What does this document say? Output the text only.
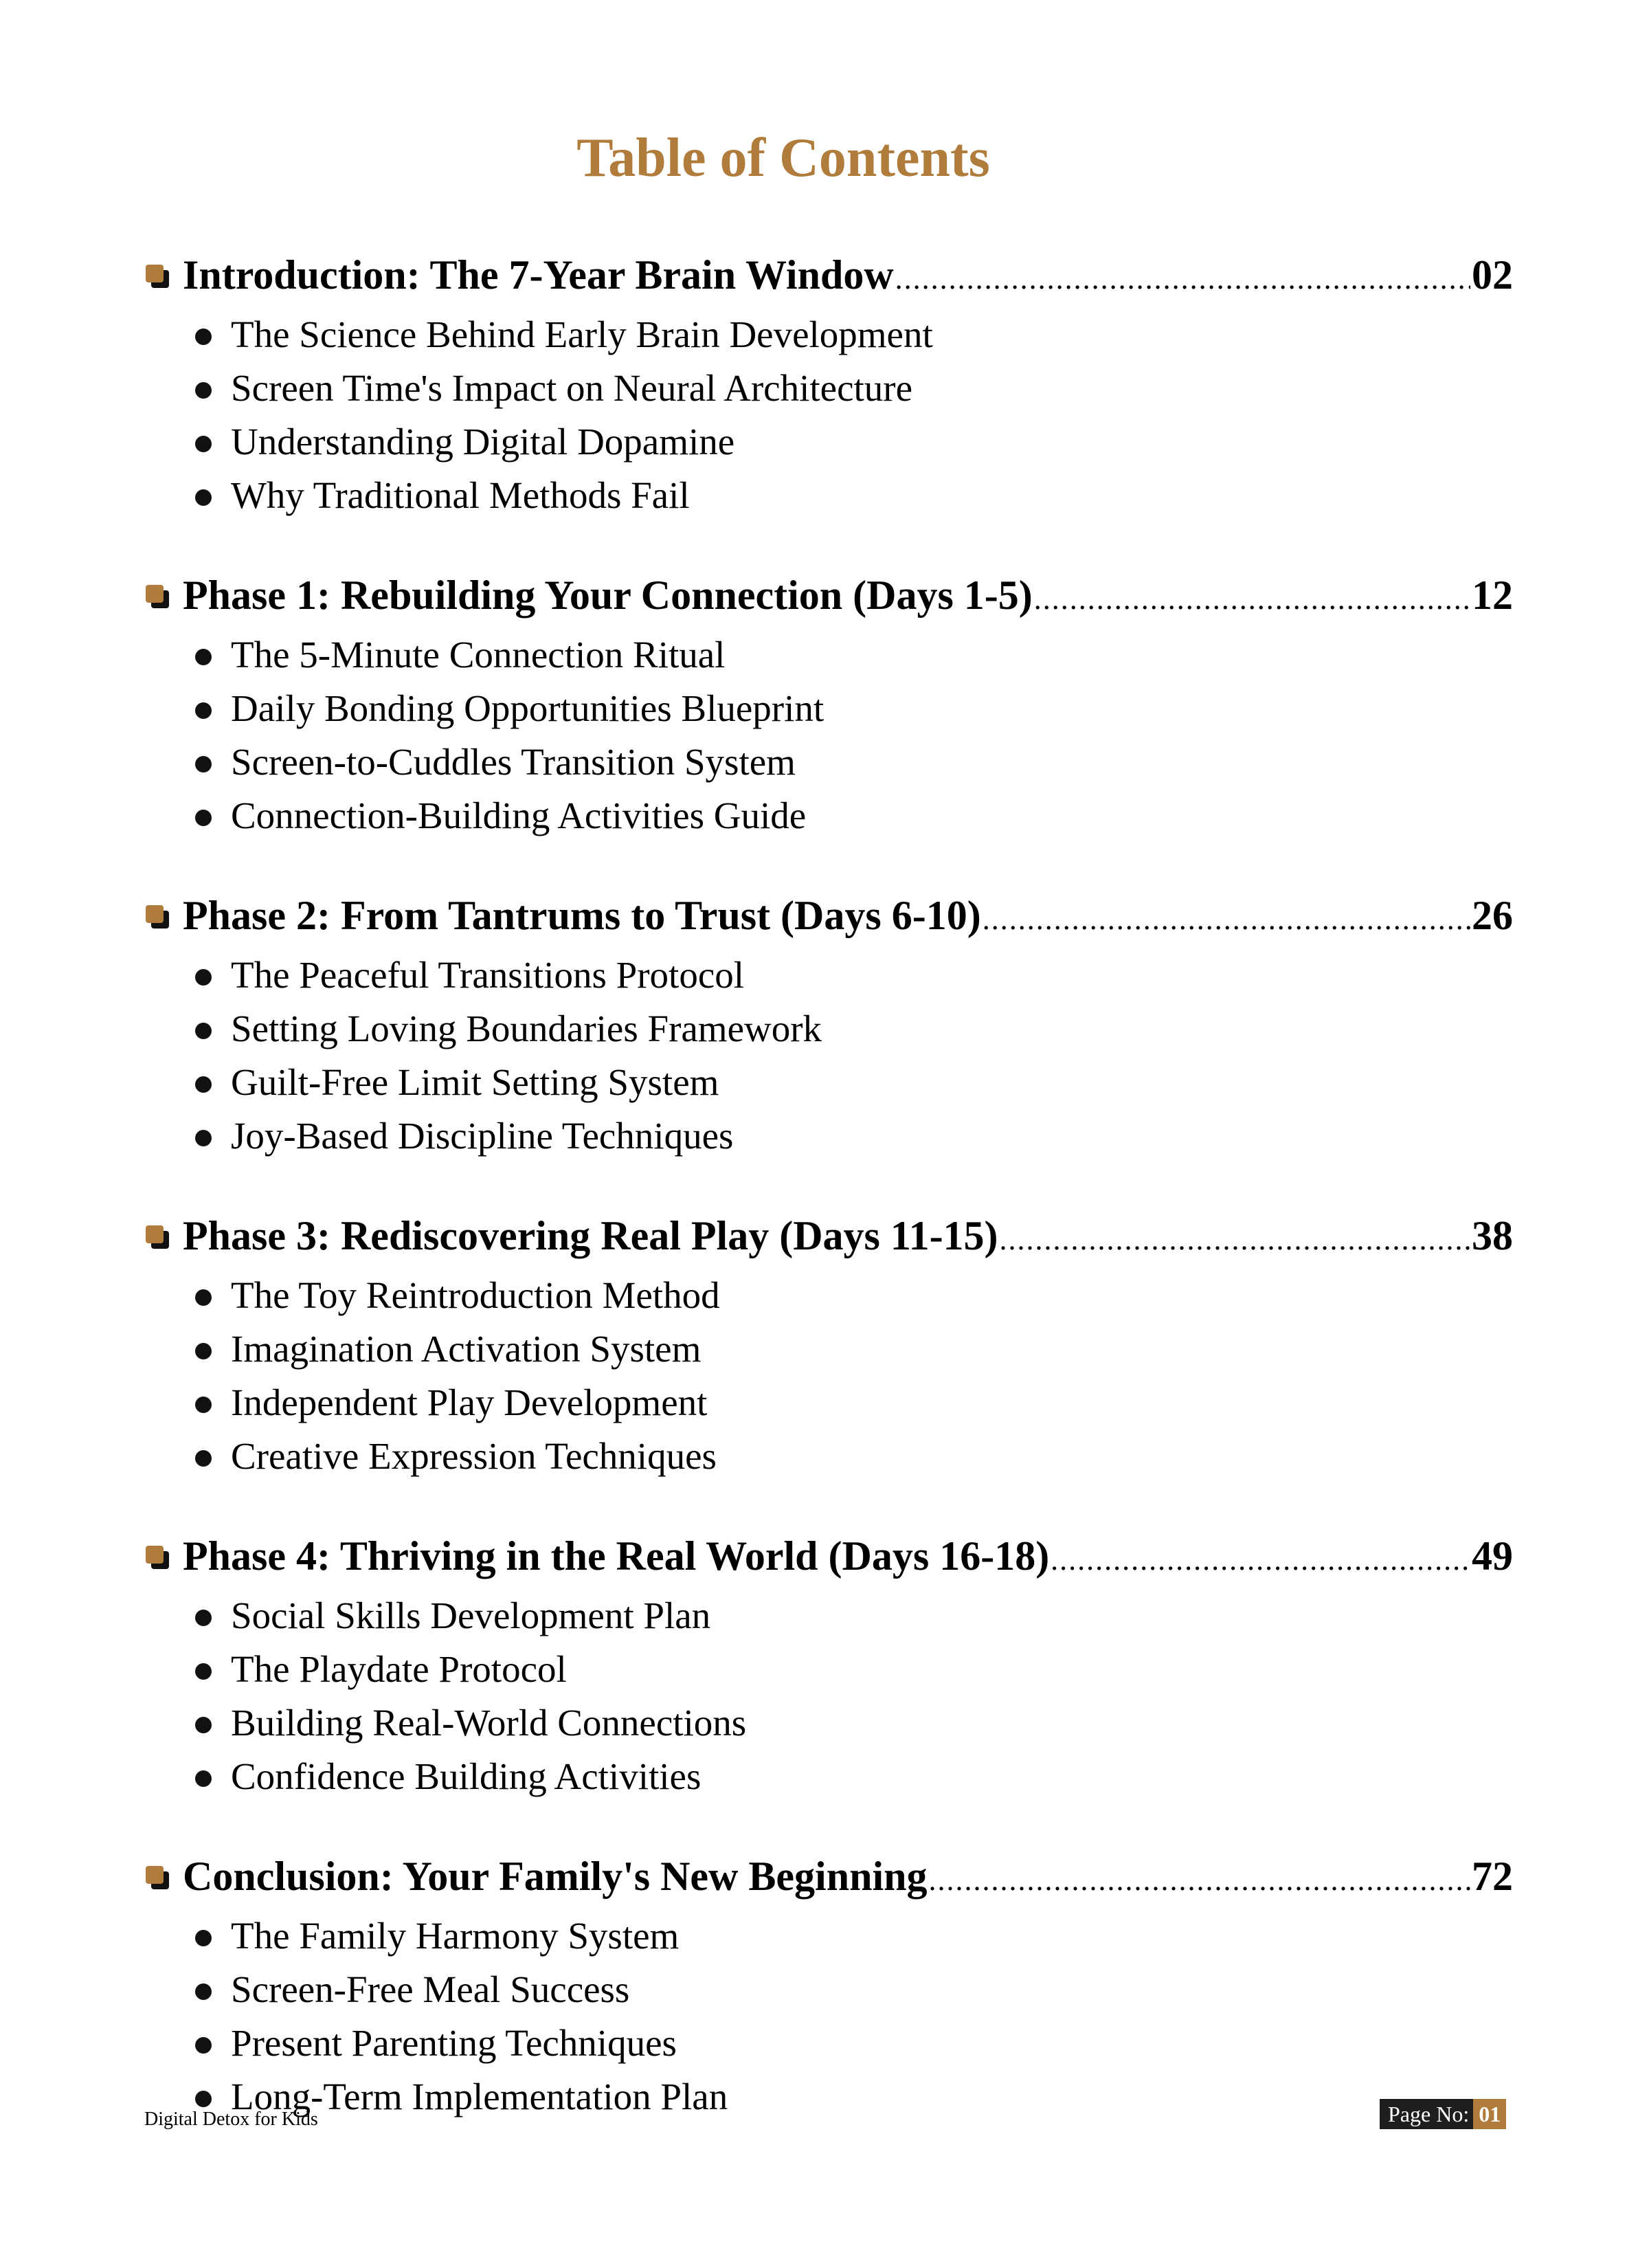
Table of Contents
Introduction: The 7-Year Brain Window .....	02
The Science Behind Early Brain Development
Screen Time's Impact on Neural Architecture
Understanding Digital Dopamine
Why Traditional Methods Fail
Phase 1: Rebuilding Your Connection (Days 1-5) .....	12
The 5-Minute Connection Ritual
Daily Bonding Opportunities Blueprint
Screen-to-Cuddles Transition System
Connection-Building Activities Guide
Phase 2: From Tantrums to Trust (Days 6-10) .....	26
The Peaceful Transitions Protocol
Setting Loving Boundaries Framework
Guilt-Free Limit Setting System
Joy-Based Discipline Techniques
Phase 3: Rediscovering Real Play (Days 11-15) .....	38
The Toy Reintroduction Method
Imagination Activation System
Independent Play Development
Creative Expression Techniques
Phase 4: Thriving in the Real World (Days 16-18) .....	49
Social Skills Development Plan
The Playdate Protocol
Building Real-World Connections
Confidence Building Activities
Conclusion: Your Family's New Beginning .....	72
The Family Harmony System
Screen-Free Meal Success
Present Parenting Techniques
Long-Term Implementation Plan
Digital Detox for Kids	Page No: 01
